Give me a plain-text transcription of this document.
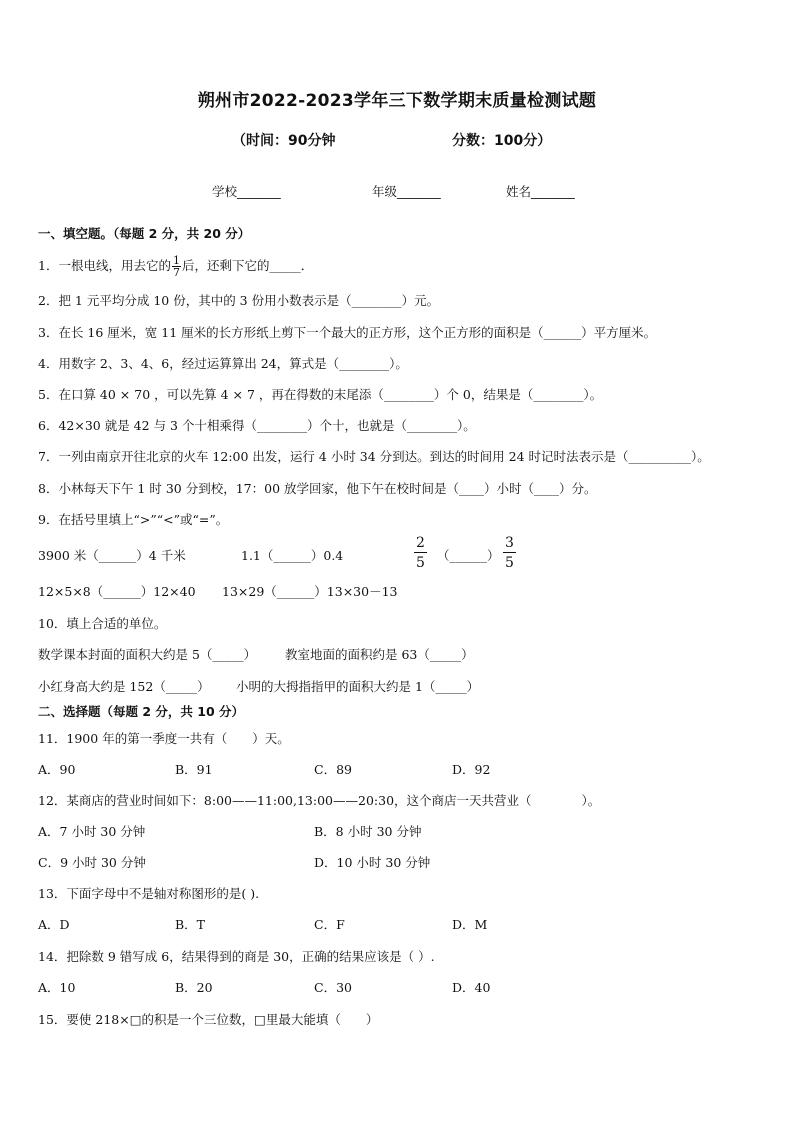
朔州市2022-2023学年三下数学期末质量检测试题
（时间：90分钟	分数：100分）
学校_______	年级_______	姓名_______
一、填空题。（每题 2 分，共 20 分）
1．一根电线，用去它的 $\frac{1}{7}$ 后，还剩下它的_____．
2．把 1 元平均分成 10 份，其中的 3 份用小数表示是（________）元。
3．在长 16 厘米，宽 11 厘米的长方形纸上剪下一个最大的正方形，这个正方形的面积是（______）平方厘米。
4．用数字 2、3、4、6，经过运算算出 24，算式是（________）。
5．在口算 40 × 70 ，可以先算 4 × 7 ，再在得数的末尾添（________）个 0，结果是（________）。
6．42×30 就是 42 与 3 个十相乘得（________）个十，也就是（________）。
7．一列由南京开往北京的火车 12:00 出发，运行 4 小时 34 分到达。到达的时间用 24 时记时法表示是（__________）。
8．小林每天下午 1 时 30 分到校，17：00 放学回家，他下午在校时间是（____）小时（____）分。
9．在括号里填上“>”“<”或“=”。
3900 米（______）4 千米	1.1（______）0.4	$\frac{2}{5}$ （______） $\frac{3}{5}$
12×5×8（______）12×40 13×29（______）13×30－13
10．填上合适的单位。
数学课本封面的面积大约是 5（_____） 教室地面的面积约是 63（_____）
小红身高大约是 152（_____） 小明的大拇指指甲的面积大约是 1（_____）
二、选择题（每题 2 分，共 10 分）
11．1900 年的第一季度一共有（　　）天。
A．90	B．91	C．89	D．92
12．某商店的营业时间如下：8:00——11:00,13:00——20:30，这个商店一天共营业（　　　　）。
A．7 小时 30 分钟	B．8 小时 30 分钟
C．9 小时 30 分钟	D．10 小时 30 分钟
13．下面字母中不是轴对称图形的是( ).
A．D	B．T	C．F	D．M
14．把除数 9 错写成 6，结果得到的商是 30，正确的结果应该是（ ）.
A．10	B．20	C．30	D．40
15．要使 218×□的积是一个三位数，□里最大能填（　　）
